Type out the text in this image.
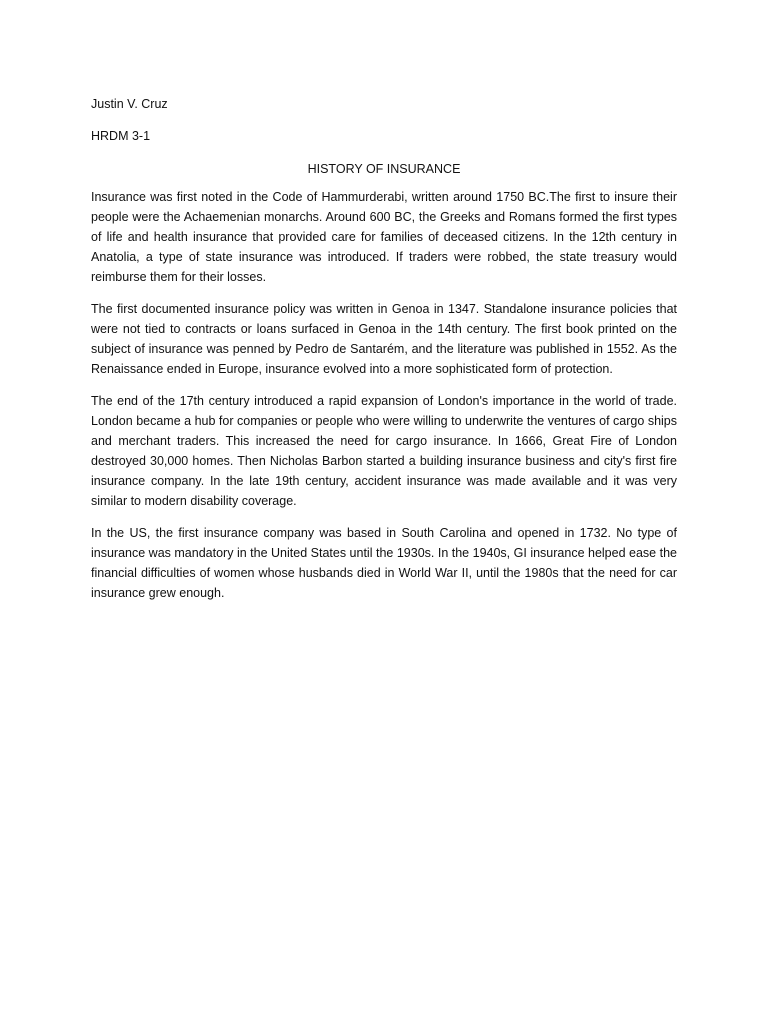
Justin V. Cruz
HRDM 3-1
HISTORY OF INSURANCE

Insurance was first noted in the Code of Hammurderabi, written around 1750 BC.The first to insure their people were the Achaemenian monarchs. Around 600 BC, the Greeks and Romans formed the first types of life and health insurance that provided care for families of deceased citizens. In the 12th century in Anatolia, a type of state insurance was introduced. If traders were robbed, the state treasury would reimburse them for their losses.

The first documented insurance policy was written in Genoa in 1347. Standalone insurance policies that were not tied to contracts or loans surfaced in Genoa in the 14th century. The first book printed on the subject of insurance was penned by Pedro de Santarém, and the literature was published in 1552. As the Renaissance ended in Europe, insurance evolved into a more sophisticated form of protection.

The end of the 17th century introduced a rapid expansion of London's importance in the world of trade. London became a hub for companies or people who were willing to underwrite the ventures of cargo ships and merchant traders. This increased the need for cargo insurance. In 1666, Great Fire of London destroyed 30,000 homes. Then Nicholas Barbon started a building insurance business and city's first fire insurance company. In the late 19th century, accident insurance was made available and it was very similar to modern disability coverage.

In the US, the first insurance company was based in South Carolina and opened in 1732. No type of insurance was mandatory in the United States until the 1930s. In the 1940s, GI insurance helped ease the financial difficulties of women whose husbands died in World War II, until the 1980s that the need for car insurance grew enough.
